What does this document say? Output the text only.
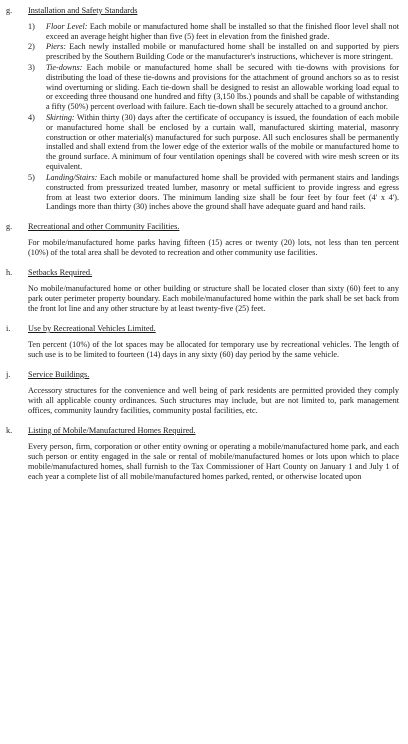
g. Installation and Safety Standards

1) Floor Level: Each mobile or manufactured home shall be installed so that the finished floor level shall not exceed an average height higher than five (5) feet in elevation from the finished grade.
2) Piers: Each newly installed mobile or manufactured home shall be installed on and supported by piers prescribed by the Southern Building Code or the manufacturer's instructions, whichever is more stringent.
3) Tie-downs: Each mobile or manufactured home shall be secured with tie-downs with provisions for distributing the load of these tie-downs and provisions for the attachment of ground anchors so as to resist wind overturning or sliding. Each tie-down shall be designed to resist an allowable working load equal to or exceeding three thousand one hundred and fifty (3,150 lbs.) pounds and shall be capable of withstanding a fifty (50%) percent overload with failure. Each tie-down shall be securely attached to a ground anchor.
4) Skirting: Within thirty (30) days after the certificate of occupancy is issued, the foundation of each mobile or manufactured home shall be enclosed by a curtain wall, manufactured skirting material, masonry construction or other material(s) manufactured for such purpose. All such enclosures shall be permanently installed and shall extend from the lower edge of the exterior walls of the mobile or manufactured home to the ground surface. A minimum of four ventilation openings shall be covered with wire mesh screen or its equivalent.
5) Landing/Stairs: Each mobile or manufactured home shall be provided with permanent stairs and landings constructed from pressurized treated lumber, masonry or metal sufficient to provide ingress and egress from at least two exterior doors. The minimum landing size shall be four feet by four feet (4' x 4'). Landings more than thirty (30) inches above the ground shall have adequate guard and hand rails.
g. Recreational and other Community Facilities.

For mobile/manufactured home parks having fifteen (15) acres or twenty (20) lots, not less than ten percent (10%) of the total area shall be devoted to recreation and other community use facilities.

h. Setbacks Required.

No mobile/manufactured home or other building or structure shall be located closer than sixty (60) feet to any park outer perimeter property boundary. Each mobile/manufactured home within the park shall be set back from the front lot line and any other structure by at least twenty-five (25) feet.

i. Use by Recreational Vehicles Limited.

Ten percent (10%) of the lot spaces may be allocated for temporary use by recreational vehicles. The length of such use is to be limited to fourteen (14) days in any sixty (60) day period by the same vehicle.

j. Service Buildings.

Accessory structures for the convenience and well being of park residents are permitted provided they comply with all applicable county ordinances. Such structures may include, but are not limited to, park management offices, community laundry facilities, community postal facilities, etc.

k. Listing of Mobile/Manufactured Homes Required.

Every person, firm, corporation or other entity owning or operating a mobile/manufactured home park, and each such person or entity engaged in the sale or rental of mobile/manufactured homes or lots upon which to place mobile/manufactured homes, shall furnish to the Tax Commissioner of Hart County on January 1 and July 1 of each year a complete list of all mobile/manufactured homes parked, rented, or otherwise located upon
